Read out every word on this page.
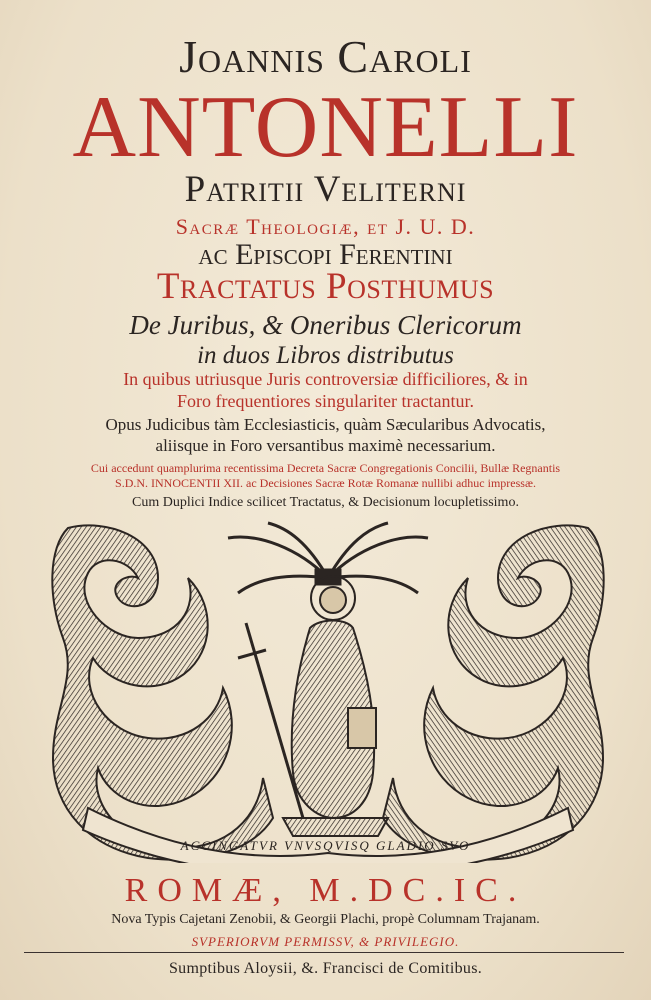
Joannis Caroli
ANTONELLI
Patritii Veliterni
Sacræ Theologiæ, et J. U. D.
ac Episcopi Ferentini
Tractatus Posthumus
De Juribus, & Oneribus Clericorum
in duos Libros distributus
In quibus utriusque Juris controversiæ difficiliores, & in
Foro frequentiores singulariter tractantur.
Opus Judicibus tàm Ecclesiasticis, quàm Sæcularibus Advocatis,
aliisque in Foro versantibus maximè necessarium.
Cui accedunt quamplurima recentissima Decreta Sacræ Congregationis Concilii, Bullæ Regnantis
S.D.N. INNOCENTII XII. ac Decisiones Sacræ Rotæ Romanæ nullibi adhuc impressæ.
Cum Duplici Indice scilicet Tractatus, & Decisionum locupletissimo.
ACCINGATVR VNVSQVISQ GLADIO SVO
ROMÆ, M.DC.IC.
Nova Typis Cajetani Zenobii, & Georgii Plachi, propè Columnam Trajanam.
SVPERIORVM PERMISSV, & PRIVILEGIO.
Sumptibus Aloysii, &. Francisci de Comitibus.
